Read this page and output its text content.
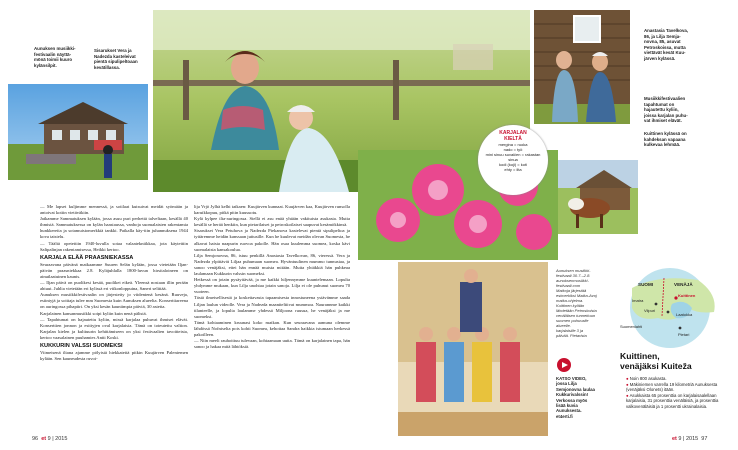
Aunuksen musiikki-
festivaalin näyttä-
mönä toimii kuuro
kylänsilpit.
Sisarukset Vera ja
Nadezda kasteleivat
pientä sipulipeltoaan
kevätillassa.
Anastasia Tavelkova,
86, ja Lilja Semja-
novna, 85, asuvat
Petroskoissa, mutta
viettävät kesät Kuu-
järven kylässä.
Musiikkifestivaalien
tapahtumat on
hajautettu kyliin,
joissa karjalan puhu-
vat ihmiset elävät.
Kuittinen kylässä on
kahdeksan vapaana
kulkevaa lehmää.
KARJALAN
KIELTÄ
mergina = ruoka
nado = työ
mini sinuu suvaičen = rakastan sinua
kodi (koji) = koti
ehty = ilta

— Me lapset kuljimme mennessä, ja sotilaat kutsuivat meidät syömään ja antoivat kotiin vietäväkiin.

Jatkamme Sammatuksen kylään, jossa asuu puri perhettä talveltaan, kesällä 40 ihmistä. Sammatuksessa on kylän haastaussa, vanhoja suomalaisten rakentamia hunkkereita ja sotamuistomerkkiä tankki. Paikalla käy-tiin juhannuksena 1944 kova taistelu.

— Täältä opetettiin 1940-luvulla sotaa valaatekniikkaa, jota käytettiin Saltpalinjan rakentamisessa, Heikki kertoo.

KARJALA ELÄÄ PRAASNIEKASSA

Seuraavana päivänä matkaamme Suuren Selän kylään, jossa vietetään Iljan-päivän praasniekkaa 2.8. Kyläjuhlalla 1800-luvun hirsitaloineen on ainutlaatuinen kaunis.

— Iljan päivä on puolikesi kesää, puolikei eikeä. Yleensä nostaan illin perään ahtuut. Juhlia vietetään eri kylissä eri viikonloppuina, Saneri selittää.

Aunuksen musiikkifestivaalin on järjestetty jo viidentenä kesänä. Ruuveja, esiintyjä ja soittaja tulee mm Suomesta kuin Aunuksen alueelta. Konserttiareena on auringossa pihapiiri. On yksi kesän kauniimpia päiviä, 30 astetta.

Karjalainen kansanmusiikki soipi kyliin kuin nenä pälistä.

— Tapahtumat on hajautettu kyliin, missä karjalaa puhuvat ihmiset elävät. Konserttien jonnon ja esittyjen oval karjalaisia. Tämä on toteutettu valtion. Karjalan kielen ja kulttuurin kehittämiseen on yksi festivaalien tavoitteista, kertoo vaasalainen puuhamies Antti Koski.

KUKKURIN VALSSI SUOMEKSI

Viimeisenä iltana ajamme pölyistä hiekkateitä pitkin Kuujärven Paleniemen kylään. Sen kauneudesta ruvoi-

lija Vrjö Jylhä kelhi taikaen: Kuujärven kunnaat. Kuujärven kaa, Kuujärven runsolla karuikkopuu, pitkä pitin kuusuotu.

Kylä kylpee ilta-auringossa. Siellä ei asu enää yhtään vakituista asukasta. Mutta kesällä se herää henkiin, kun pietarilaiset ja petroskoilaiset saapuvat kesämökkinsä.

Sisarukset Vera Petuhova ja Nadezda Piekanova kastelevat pientä sipulipeltoa ja tyttäremme heidän kanssaan juttusille. Kun he kuulevat meidän olevan Suomesta, he alkavat haista naapurin ruovoa pakolle. Hän osaa kuulemma suomea, koska kävi suomalaista kansakoulua.

Lilja Semjonovna, 86, istuu penkillä Anastasia Tavelkovan, 86, vieressä. Vera ja Nadezda ylpittävät Liljaa puhumaan suomea. Hyväntuulinen mummo tunnustaa, ja sanoo venäjäksi, ettei hän ennää muista mitään. Mutta yhtäkkiä hän puhkeaa laulamaan Kukkurin valssin suomeksi.

Hetkessä on jotain pysäyttävää, ja me kaikki hiljennymme kuuntelemaan. Lopulta yhdymme mukaan, kun Lilja unohtaa jotain sanoja. Lilja ei ole puhunut suomea 70 vuoteen.

Tästä ilmeisellisestä ja koskettavasta tapaamisesta innostuneena ystävämme saada Liljan laulun videolle. Vera ja Nadezda maaniteltiivat mummoa. Naurannme kaikki tilanteelle, ja lopulta laulamme yhdessä Miljoona ruusua, he venäjäksi ja me suomeksi.

Tämä kohtaaminen kruunasi koko matkan. Kun seuraavana aamuna olemme lähdössä Nofniselta pois kohti Suomea, kehottaa Sandra haikkia istumaan herkessä pakoilleen.

— Niin meeli rauhoittuu tulevaan, kohtaamaan uutta. Tämä on karjalainen tapa, hän sanoo ja hakaa mitä lähtöksiä.

Aunuksen musiikki-
festivaali 30.7.–2.8.
aunuksenmusiikki-
festivaali.com
Matkoja järjestää
esimerkiksi Matka-Avoj
matka-ohjelma.
Kuittinen kylään
lähdetään Petroskoista
venäläisen tunnettuun
suomen puhuvalle
alueelle.
karjalaisille 3 ja
päivää. Pietarista
KATSO VIDEO,
jossa Lilja
Semjonovna laulaa
Kukkurivalssin!
Verkossa myös
lisää kuvia
Aunuksesta.
et4erti.fi
SUOMI	VENÄJÄ
Imatra
Kuittinen
Vilpuri
Laatokka
Suomenlahti
Pietari
Kuittinen,
venäjäksi Kuiteža
● Noin 800 asukasta.
● Mäkiniemen varrella 19 kilometriä Aunuksesta (venäjäksi Olonets) itään.
● Asukkaista 65 prosenttia on karjalaisaalellaan karjalaisia, 31 prosenttia venäläisiä, ja prosenttia valkovenäläisiä ja 1 prosentti ukrainalaisia.
96 et 9 | 2015	et 9 | 2015 97
